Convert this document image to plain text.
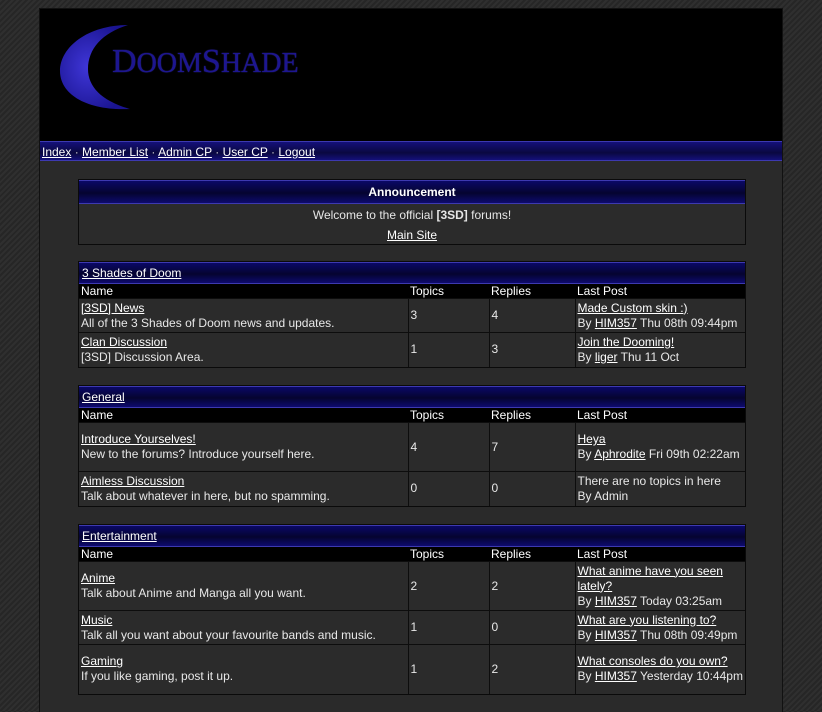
DOOMSHADE
Index · Member List · Admin CP · User CP · Logout
Announcement
Welcome to the official [3SD] forums!
Main Site
3 Shades of Doom
Name	Topics	Replies	Last Post
[3SD] News
All of the 3 Shades of Doom news and updates.	3	4	Made Custom skin :)
By HIM357 Thu 08th 09:44pm
Clan Discussion
[3SD] Discussion Area.	1	3	Join the Dooming!
By liger Thu 11 Oct
General
Name	Topics	Replies	Last Post
Introduce Yourselves!
New to the forums? Introduce yourself here.	4	7	Heya
By Aphrodite Fri 09th 02:22am
Aimless Discussion
Talk about whatever in here, but no spamming.	0	0	There are no topics in here
By Admin
Entertainment
Name	Topics	Replies	Last Post
Anime
Talk about Anime and Manga all you want.	2	2	What anime have you seen lately?
By HIM357 Today 03:25am
Music
Talk all you want about your favourite bands and music.	1	0	What are you listening to?
By HIM357 Thu 08th 09:49pm
Gaming
If you like gaming, post it up.	1	2	What consoles do you own?
By HIM357 Yesterday 10:44pm
